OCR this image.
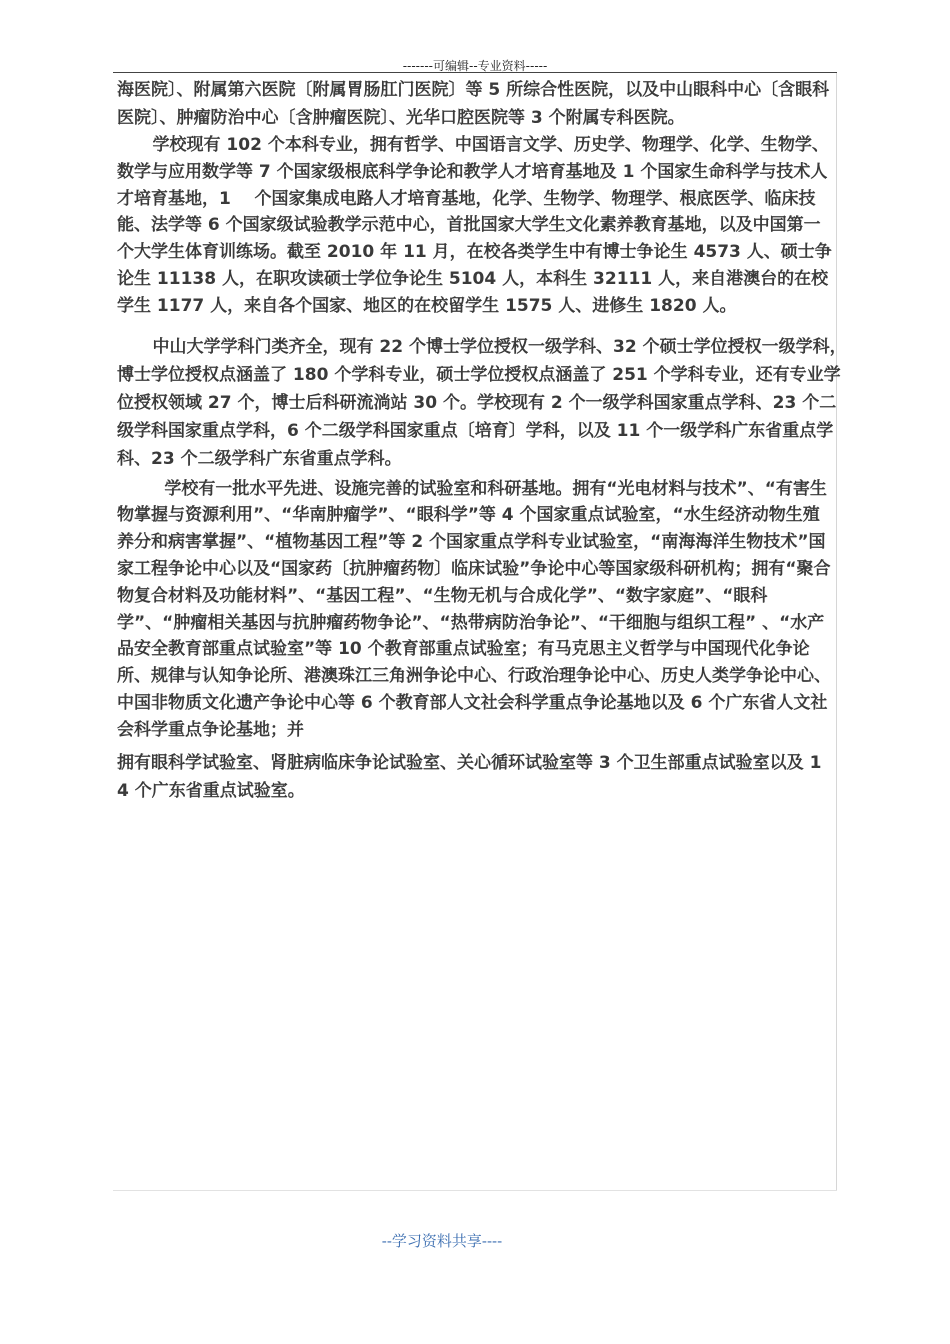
-------可编辑--专业资料-----

海医院〕、附属第六医院〔附属胃肠肛门医院〕等 5 所综合性医院，以及中山眼科中心〔含眼科医院〕、肿瘤防治中心〔含肿瘤医院〕、光华口腔医院等 3 个附属专科医院。

学校现有 102 个本科专业，拥有哲学、中国语言文学、历史学、物理学、化学、生物学、数学与应用数学等 7 个国家级根底科学争论和教学人才培育基地及 1 个国家生命科学与技术人才培育基地，1    个国家集成电路人才培育基地，化学、生物学、物理学、根底医学、临床技能、法学等 6 个国家级试验教学示范中心，首批国家大学生文化素养教育基地，以及中国第一个大学生体育训练场。截至 2010 年 11 月，在校各类学生中有博士争论生 4573 人、硕士争论生 11138 人，在职攻读硕士学位争论生 5104 人，本科生 32111 人，来自港澳台的在校学生 1177 人，来自各个国家、地区的在校留学生 1575 人、进修生 1820 人。

中山大学学科门类齐全，现有 22 个博士学位授权一级学科、32 个硕士学位授权一级学科，博士学位授权点涵盖了 180 个学科专业，硕士学位授权点涵盖了 251 个学科专业，还有专业学位授权领域 27 个，博士后科研流淌站 30 个。学校现有 2 个一级学科国家重点学科、23 个二级学科国家重点学科，6 个二级学科国家重点〔培育〕学科，以及 11 个一级学科广东省重点学科、23 个二级学科广东省重点学科。

学校有一批水平先进、设施完善的试验室和科研基地。拥有“光电材料与技术”、“有害生物掌握与资源利用”、“华南肿瘤学”、“眼科学”等 4 个国家重点试验室，“水生经济动物生殖养分和病害掌握”、“植物基因工程”等 2 个国家重点学科专业试验室，“南海海洋生物技术”国家工程争论中心以及“国家药〔抗肿瘤药物〕临床试验”争论中心等国家级科研机构；拥有“聚合物复合材料及功能材料”、“基因工程”、“生物无机与合成化学”、“数字家庭”、“眼科学”、“肿瘤相关基因与抗肿瘤药物争论”、“热带病防治争论”、“干细胞与组织工程” 、“水产品安全教育部重点试验室”等 10 个教育部重点试验室；有马克思主义哲学与中国现代化争论所、规律与认知争论所、港澳珠江三角洲争论中心、行政治理争论中心、历史人类学争论中心、中国非物质文化遗产争论中心等 6 个教育部人文社会科学重点争论基地以及 6 个广东省人文社会科学重点争论基地；并

拥有眼科学试验室、肾脏病临床争论试验室、关心循环试验室等 3 个卫生部重点试验室以及 14 个广东省重点试验室。

--学习资料共享----
